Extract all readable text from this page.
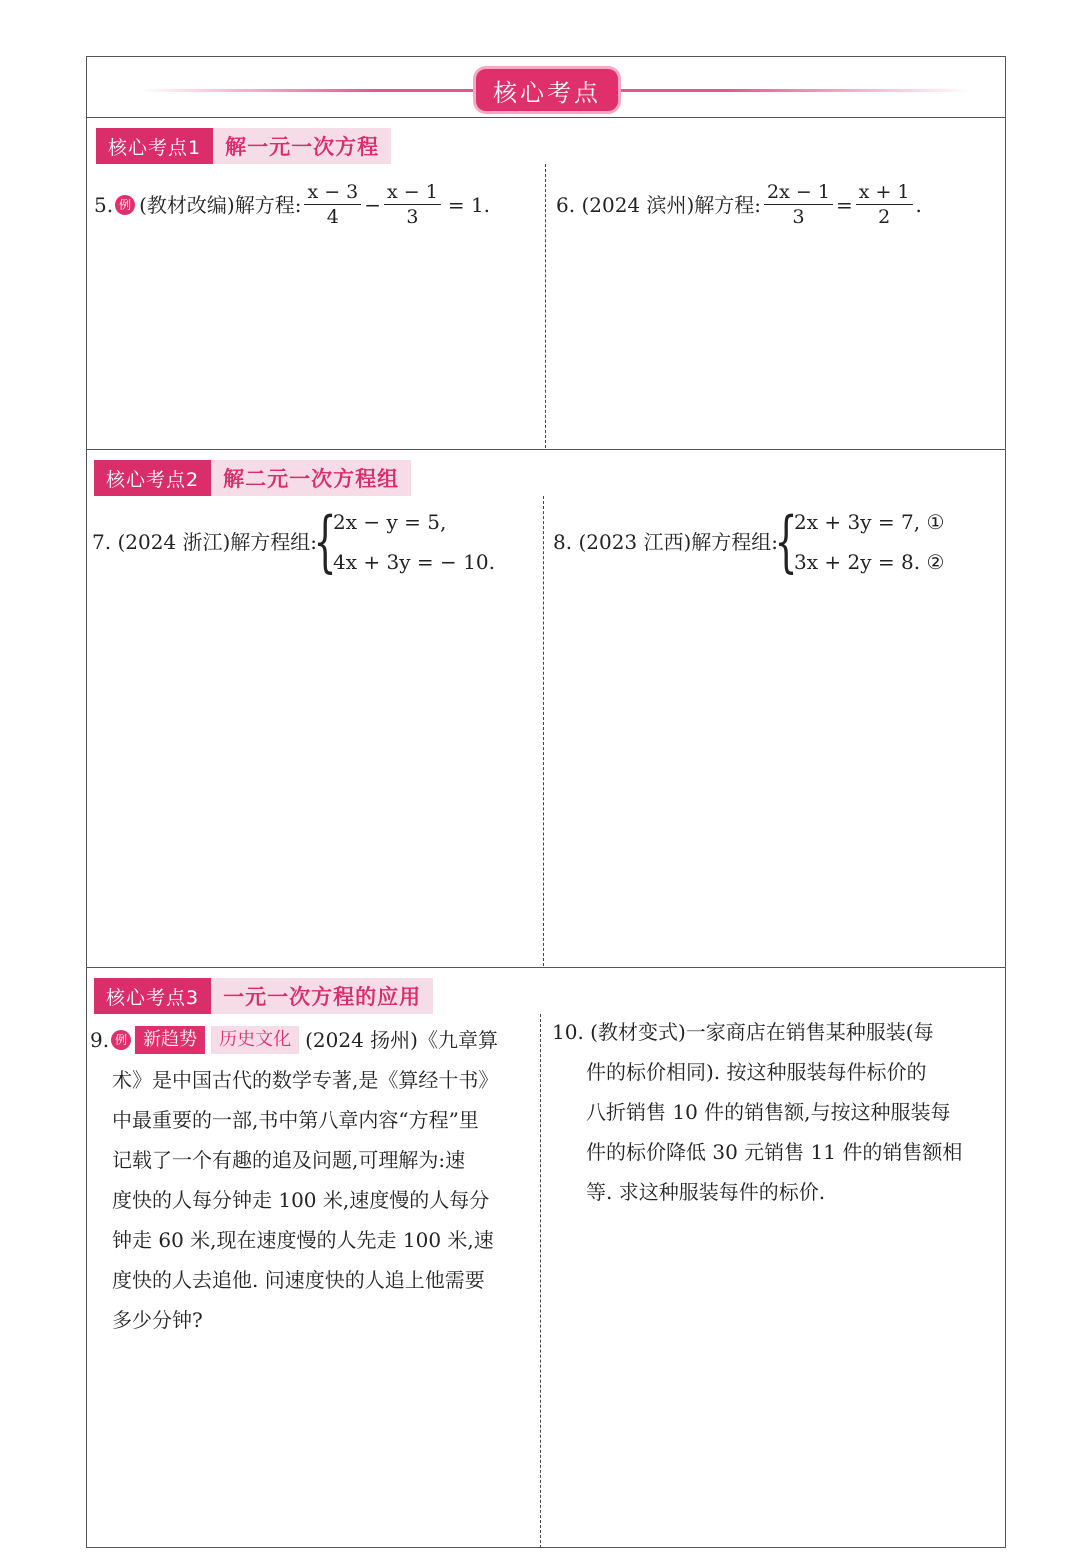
核心考点
核心考点1	解一元一次方程
5. 例 (教材改编)解方程: $\frac{x - 3}{4} - \frac{x - 1}{3} = 1$.	6. (2024 滨州)解方程: $\frac{2x - 1}{3} = \frac{x + 1}{2}$ .
核心考点2	解二元一次方程组
7. (2024 浙江)解方程组:
{
2x − y = 5,
4x + 3y = − 10.
8. (2023 江西)解方程组:
{
2x + 3y = 7, ①
3x + 2y = 8. ②
核心考点3	一元一次方程的应用
9. 例 新趋势	历史文化 (2024 扬州)《九章算
术》是中国古代的数学专著,是《算经十书》
中最重要的一部,书中第八章内容“方程”里
记载了一个有趣的追及问题,可理解为:速
度快的人每分钟走 100 米,速度慢的人每分
钟走 60 米,现在速度慢的人先走 100 米,速
度快的人去追他. 问速度快的人追上他需要
多少分钟?
10. (教材变式)一家商店在销售某种服装(每
件的标价相同). 按这种服装每件标价的
八折销售 10 件的销售额,与按这种服装每
件的标价降低 30 元销售 11 件的销售额相
等. 求这种服装每件的标价.
